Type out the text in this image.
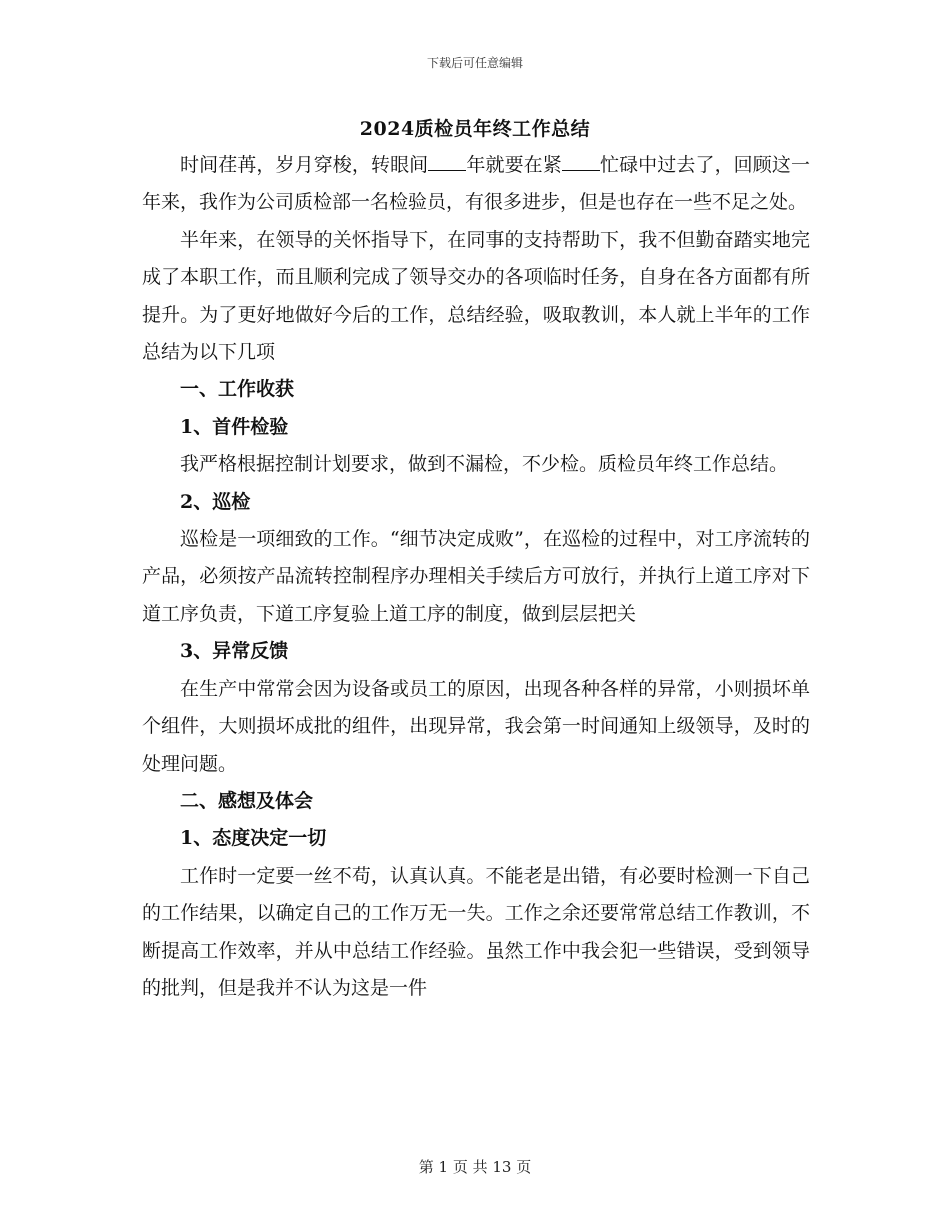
下载后可任意编辑
2024质检员年终工作总结

时间荏苒，岁月穿梭，转眼间 年就要在紧 忙碌中过去了，回顾这一年来，我作为公司质检部一名检验员，有很多进步，但是也存在一些不足之处。

半年来，在领导的关怀指导下，在同事的支持帮助下，我不但勤奋踏实地完成了本职工作，而且顺利完成了领导交办的各项临时任务，自身在各方面都有所提升。为了更好地做好今后的工作，总结经验，吸取教训，本人就上半年的工作总结为以下几项

一、工作收获

1、首件检验

我严格根据控制计划要求，做到不漏检，不少检。质检员年终工作总结。

2、巡检

巡检是一项细致的工作。“细节决定成败”，在巡检的过程中，对工序流转的产品，必须按产品流转控制程序办理相关手续后方可放行，并执行上道工序对下道工序负责，下道工序复验上道工序的制度，做到层层把关

3、异常反馈

在生产中常常会因为设备或员工的原因，出现各种各样的异常，小则损坏单个组件，大则损坏成批的组件，出现异常，我会第一时间通知上级领导，及时的处理问题。

二、感想及体会

1、态度决定一切

工作时一定要一丝不苟，认真认真。不能老是出错，有必要时检测一下自己的工作结果，以确定自己的工作万无一失。工作之余还要常常总结工作教训，不断提高工作效率，并从中总结工作经验。虽然工作中我会犯一些错误，受到领导的批判，但是我并不认为这是一件

第 1 页 共 13 页
